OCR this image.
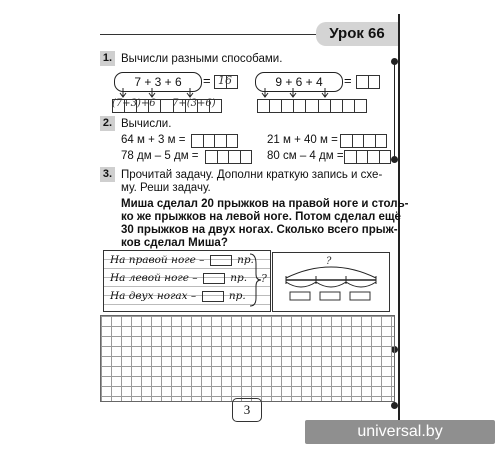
Урок 66
1. Вычисли разными способами.
7 + 3 + 6	= 16	9 + 6 + 4	=
(7+3)+6 7+(3+6)
2. Вычисли.
64 м + 3 м =	21 м + 40 м =
78 дм – 5 дм =	80 см – 4 дм =
3. Прочитай задачу. Дополни краткую запись и схе-
му. Реши задачу.
Миша сделал 20 прыжков на правой ноге и столь-
ко же прыжков на левой ноге. Потом сделал ещё
30 прыжков на двух ногах. Сколько всего прыж-
ков сделал Миша?
На правой ноге –	пр.
На левой ноге –	пр.
На двух ногах –	пр.
?
?
3
universal.by
